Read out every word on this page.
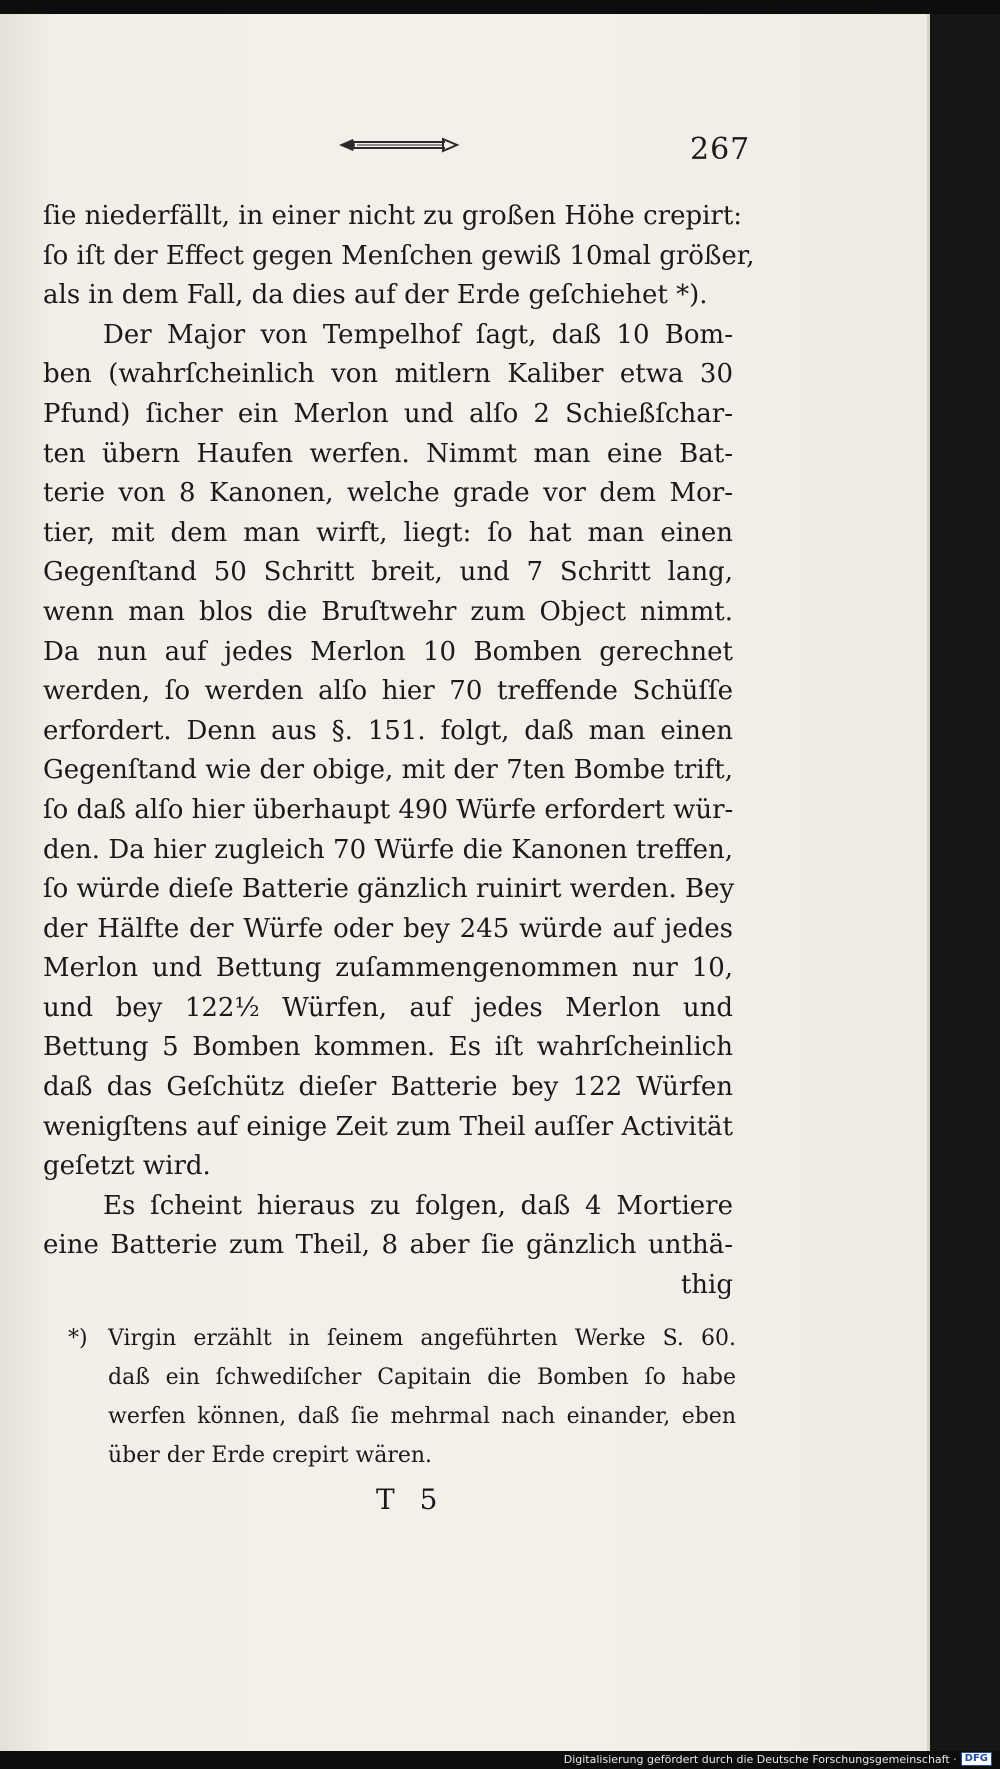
267
ſie niederfällt, in einer nicht zu großen Höhe crepirt:
ſo iſt der Effect gegen Menſchen gewiß 10mal größer,
als in dem Fall, da dies auf der Erde geſchiehet *).
Der Major von Tempelhof ſagt, daß 10 Bom-
ben (wahrſcheinlich von mitlern Kaliber etwa 30
Pfund) ſicher ein Merlon und alſo 2 Schießſchar-
ten übern Haufen werfen. Nimmt man eine Bat-
terie von 8 Kanonen, welche grade vor dem Mor-
tier, mit dem man wirft, liegt: ſo hat man einen
Gegenſtand 50 Schritt breit, und 7 Schritt lang,
wenn man blos die Bruſtwehr zum Object nimmt.
Da nun auf jedes Merlon 10 Bomben gerechnet
werden, ſo werden alſo hier 70 treffende Schüſſe
erfordert. Denn aus §. 151. folgt, daß man einen
Gegenſtand wie der obige, mit der 7ten Bombe trift,
ſo daß alſo hier überhaupt 490 Würfe erfordert wür-
den. Da hier zugleich 70 Würfe die Kanonen treffen,
ſo würde dieſe Batterie gänzlich ruinirt werden. Bey
der Hälfte der Würfe oder bey 245 würde auf jedes
Merlon und Bettung zuſammengenommen nur 10,
und bey 122½ Würfen, auf jedes Merlon und
Bettung 5 Bomben kommen. Es iſt wahrſcheinlich
daß das Geſchütz dieſer Batterie bey 122 Würfen
wenigſtens auf einige Zeit zum Theil auſſer Activität
geſetzt wird.
Es ſcheint hieraus zu folgen, daß 4 Mortiere
eine Batterie zum Theil, 8 aber ſie gänzlich unthä-
thig
*) Virgin erzählt in ſeinem angeführten Werke S. 60.
daß ein ſchwediſcher Capitain die Bomben ſo habe
werfen können, daß ſie mehrmal nach einander, eben
über der Erde crepirt wären.
T 5
Digitalisierung gefördert durch die Deutsche Forschungsgemeinschaft · DFG
